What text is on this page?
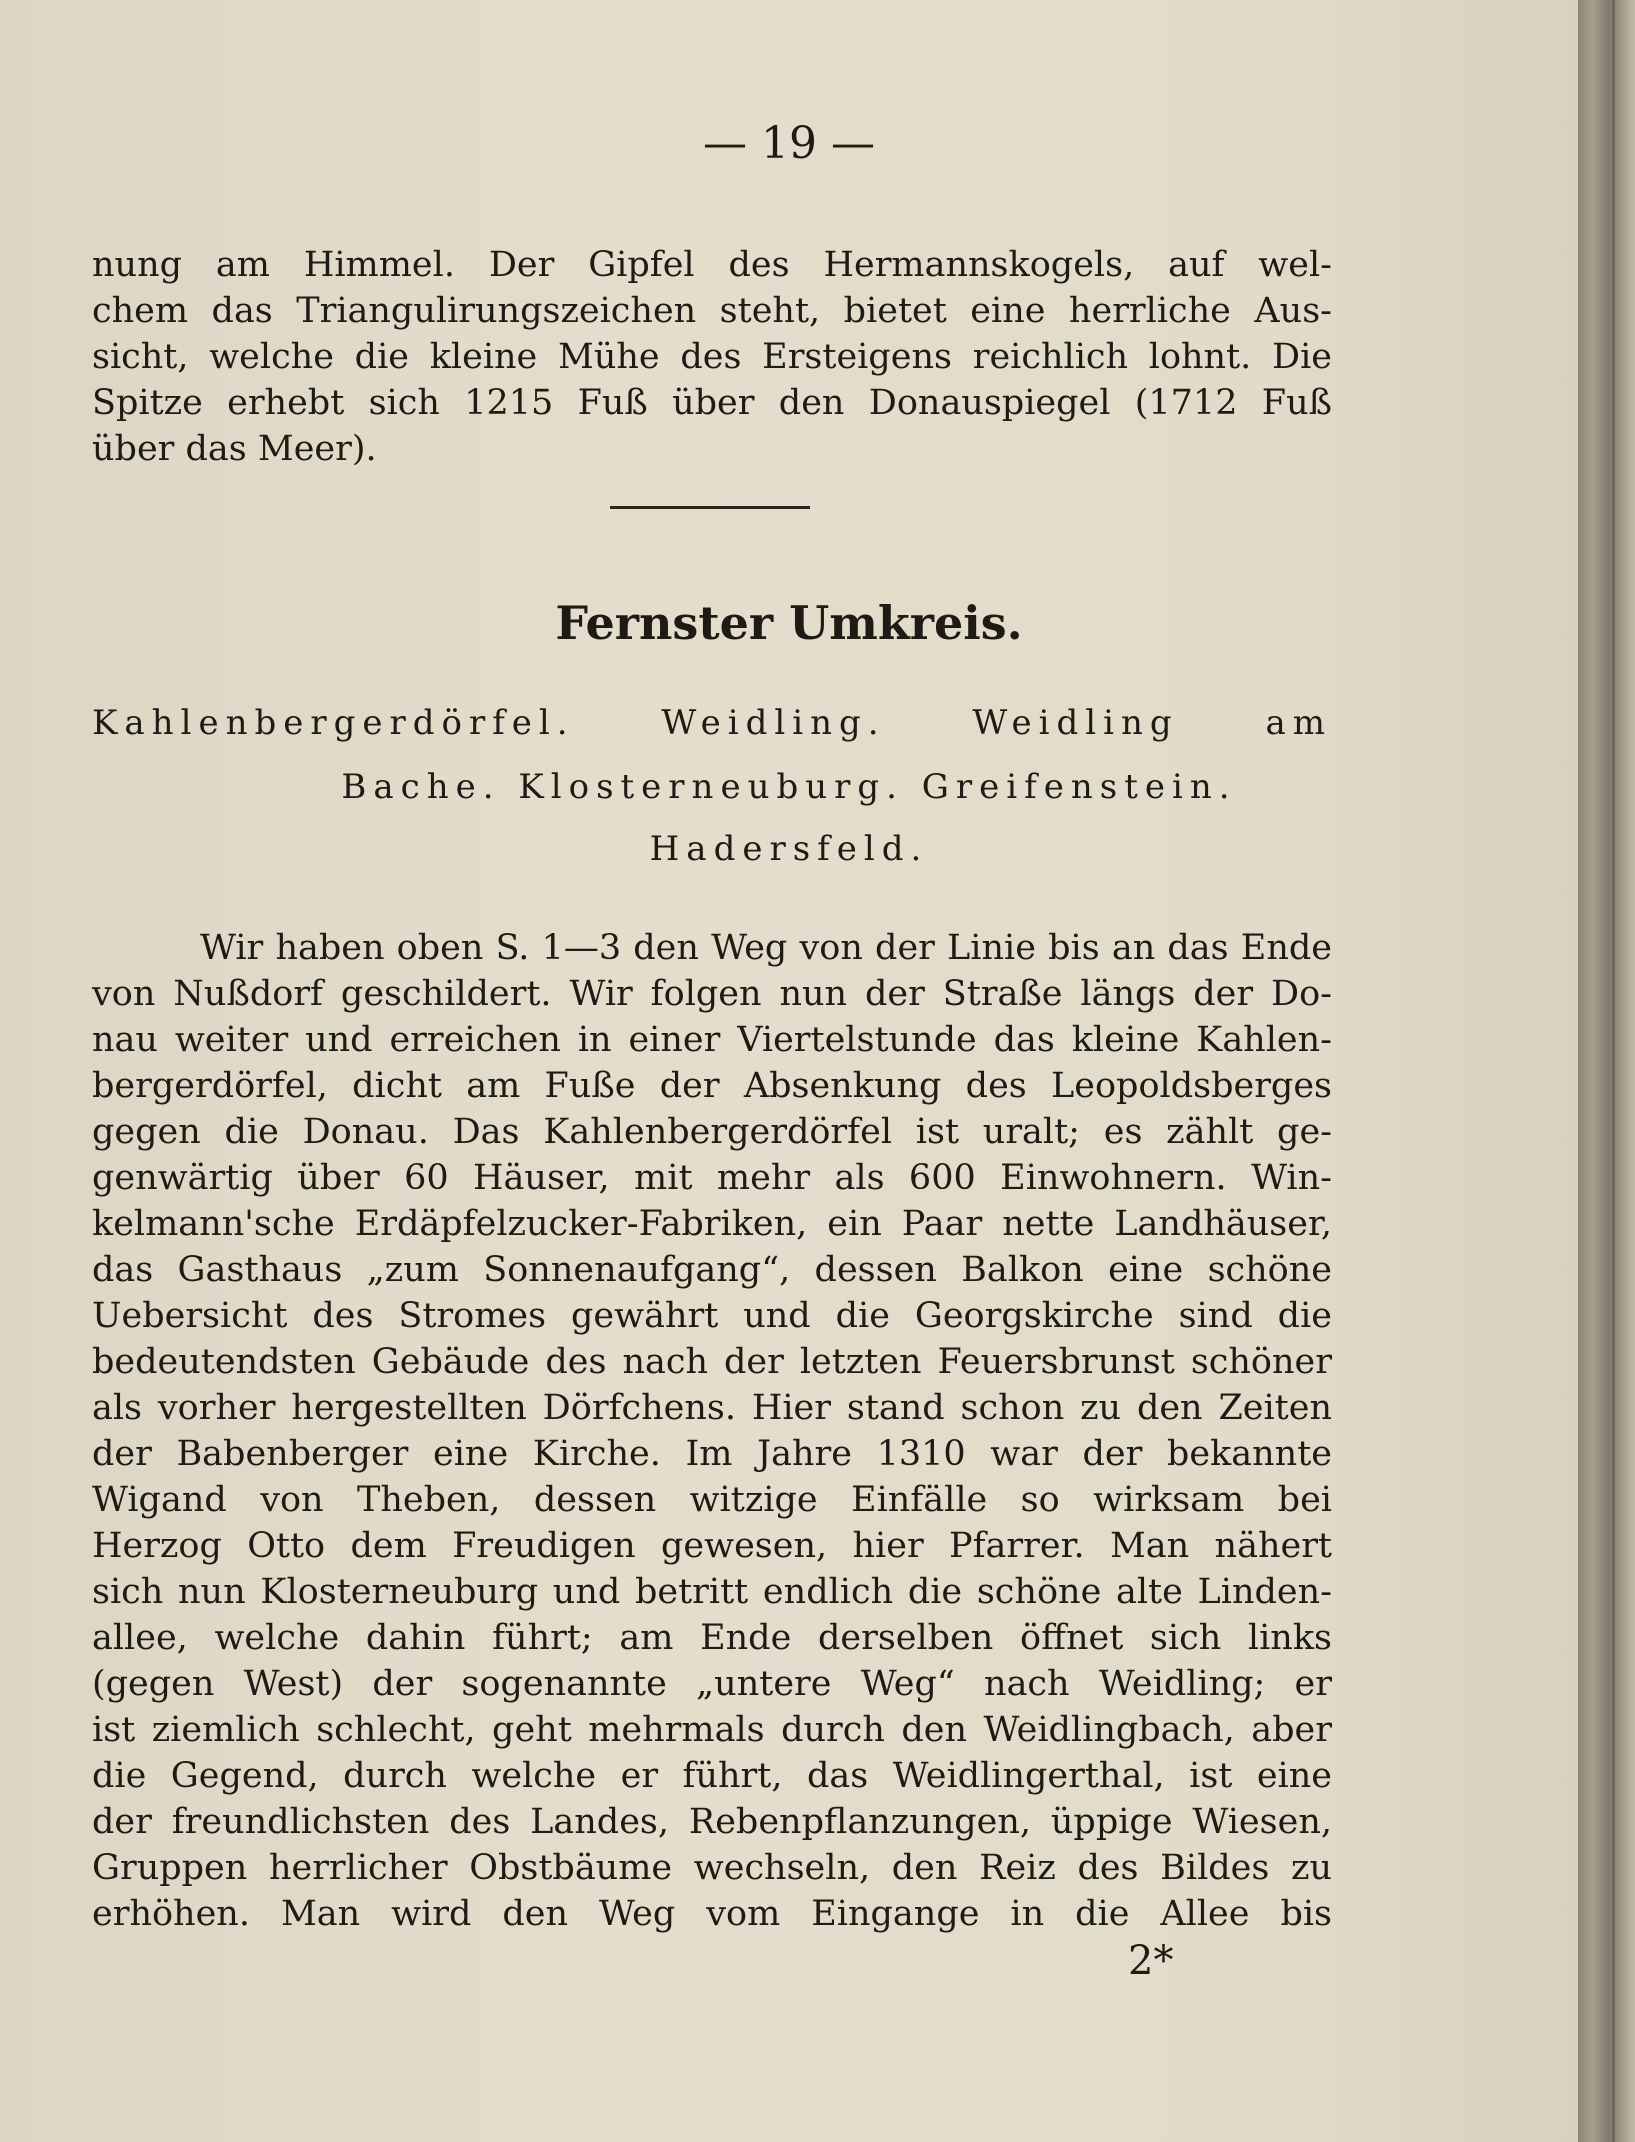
— 19 —
nung am Himmel. Der Gipfel des Hermannskogels, auf wel-
chem das Triangulirungszeichen steht, bietet eine herrliche Aus-
sicht, welche die kleine Mühe des Ersteigens reichlich lohnt. Die
Spitze erhebt sich 1215 Fuß über den Donauspiegel (1712 Fuß
über das Meer).
Fernster Umkreis.
Kahlenbergerdörfel. Weidling. Weidling am
Bache. Klosterneuburg. Greifenstein.
Hadersfeld.
Wir haben oben S. 1—3 den Weg von der Linie bis an das Ende
von Nußdorf geschildert. Wir folgen nun der Straße längs der Do-
nau weiter und erreichen in einer Viertelstunde das kleine Kahlen-
bergerdörfel, dicht am Fuße der Absenkung des Leopoldsberges
gegen die Donau. Das Kahlenbergerdörfel ist uralt; es zählt ge-
genwärtig über 60 Häuser, mit mehr als 600 Einwohnern. Win-
kelmann'sche Erdäpfelzucker-Fabriken, ein Paar nette Landhäuser,
das Gasthaus „zum Sonnenaufgang“, dessen Balkon eine schöne
Uebersicht des Stromes gewährt und die Georgskirche sind die
bedeutendsten Gebäude des nach der letzten Feuersbrunst schöner
als vorher hergestellten Dörfchens. Hier stand schon zu den Zeiten
der Babenberger eine Kirche. Im Jahre 1310 war der bekannte
Wigand von Theben, dessen witzige Einfälle so wirksam bei
Herzog Otto dem Freudigen gewesen, hier Pfarrer. Man nähert
sich nun Klosterneuburg und betritt endlich die schöne alte Linden-
allee, welche dahin führt; am Ende derselben öffnet sich links
(gegen West) der sogenannte „untere Weg“ nach Weidling; er
ist ziemlich schlecht, geht mehrmals durch den Weidlingbach, aber
die Gegend, durch welche er führt, das Weidlingerthal, ist eine
der freundlichsten des Landes, Rebenpflanzungen, üppige Wiesen,
Gruppen herrlicher Obstbäume wechseln, den Reiz des Bildes zu
erhöhen. Man wird den Weg vom Eingange in die Allee bis
2*
